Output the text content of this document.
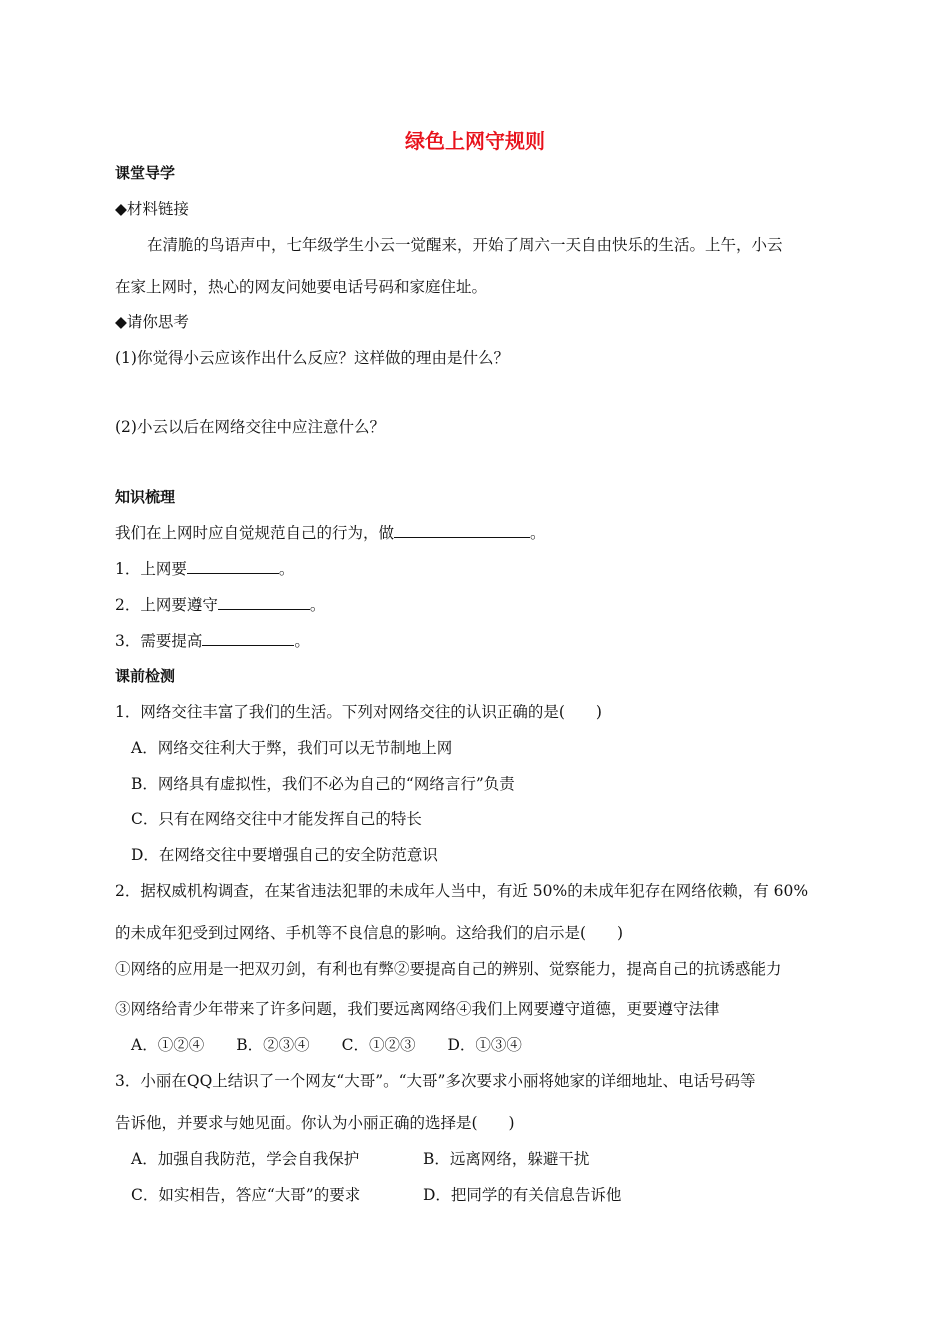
绿色上网守规则
课堂导学
◆材料链接
在清脆的鸟语声中，七年级学生小云一觉醒来，开始了周六一天自由快乐的生活。上午，小云
在家上网时，热心的网友问她要电话号码和家庭住址。
◆请你思考
(1)你觉得小云应该作出什么反应？这样做的理由是什么？
(2)小云以后在网络交往中应注意什么？
知识梳理
我们在上网时应自觉规范自己的行为，做	。
1．上网要	。
2．上网要遵守	。
3．需要提高	。
课前检测
1．网络交往丰富了我们的生活。下列对网络交往的认识正确的是(　　)
A．网络交往利大于弊，我们可以无节制地上网
B．网络具有虚拟性，我们不必为自己的“网络言行”负责
C．只有在网络交往中才能发挥自己的特长
D．在网络交往中要增强自己的安全防范意识
2．据权威机构调查，在某省违法犯罪的未成年人当中，有近 50%的未成年犯存在网络依赖，有 60%
的未成年犯受到过网络、手机等不良信息的影响。这给我们的启示是(　　)
①网络的应用是一把双刃剑，有利也有弊②要提高自己的辨别、觉察能力，提高自己的抗诱惑能力
③网络给青少年带来了许多问题，我们要远离网络④我们上网要遵守道德，更要遵守法律
A．①②④ B．②③④ C．①②③ D．①③④
3．小丽在QQ上结识了一个网友“大哥”。“大哥”多次要求小丽将她家的详细地址、电话号码等
告诉他，并要求与她见面。你认为小丽正确的选择是(　　)
A．加强自我防范，学会自我保护	B．远离网络，躲避干扰
C．如实相告，答应“大哥”的要求	D．把同学的有关信息告诉他
